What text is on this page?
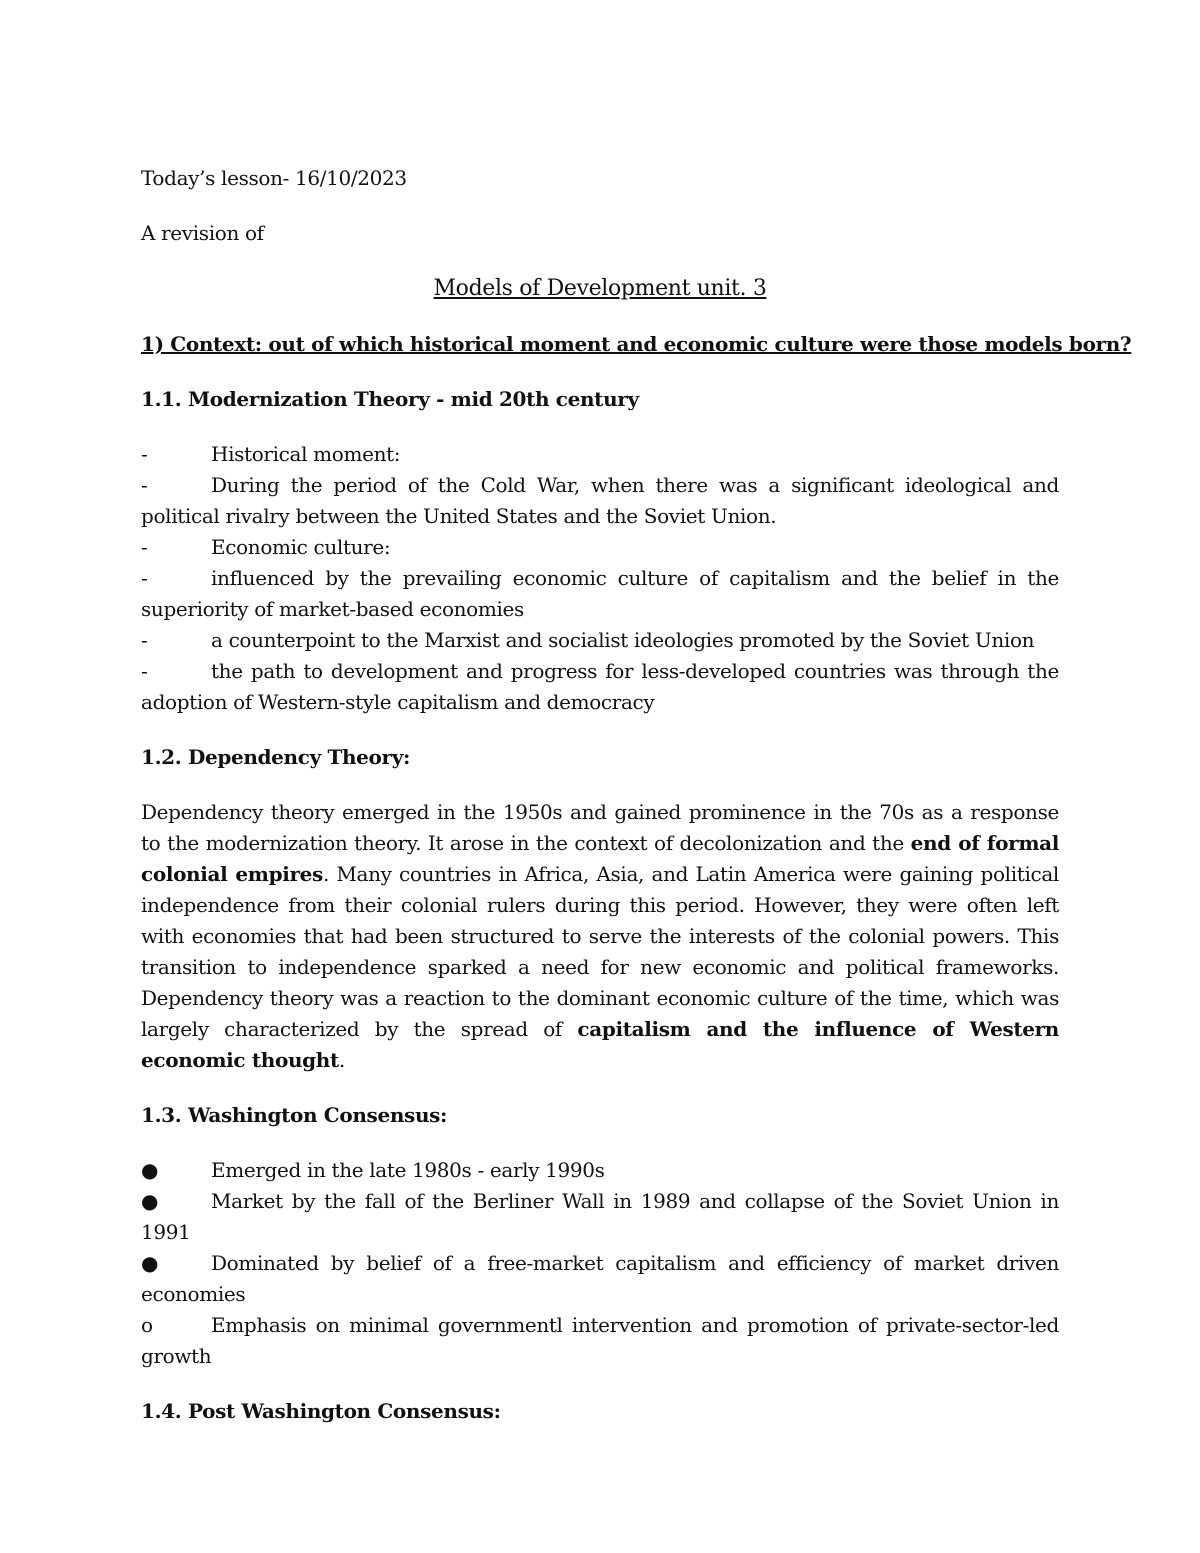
Today’s lesson- 16/10/2023

A revision of

Models of Development unit. 3

1) Context: out of which historical moment and economic culture were those models born?

1.1. Modernization Theory - mid 20th century

-	Historical moment:

-	During the period of the Cold War, when there was a significant ideological and political rivalry between the United States and the Soviet Union.

-	Economic culture:

-	influenced by the prevailing economic culture of capitalism and the belief in the superiority of market-based economies

-	a counterpoint to the Marxist and socialist ideologies promoted by the Soviet Union

-	the path to development and progress for less-developed countries was through the adoption of Western-style capitalism and democracy

1.2. Dependency Theory:

Dependency theory emerged in the 1950s and gained prominence in the 70s as a response to the modernization theory. It arose in the context of decolonization and the end of formal colonial empires. Many countries in Africa, Asia, and Latin America were gaining political independence from their colonial rulers during this period. However, they were often left with economies that had been structured to serve the interests of the colonial powers. This transition to independence sparked a need for new economic and political frameworks. Dependency theory was a reaction to the dominant economic culture of the time, which was largely characterized by the spread of capitalism and the influence of Western economic thought.

1.3. Washington Consensus:

●	Emerged in the late 1980s - early 1990s

●	Market by the fall of the Berliner Wall in 1989 and collapse of the Soviet Union in 1991

●	Dominated by belief of a free-market capitalism and efficiency of market driven economies

o	Emphasis on minimal governmentl intervention and promotion of private-sector-led growth

1.4. Post Washington Consensus:
